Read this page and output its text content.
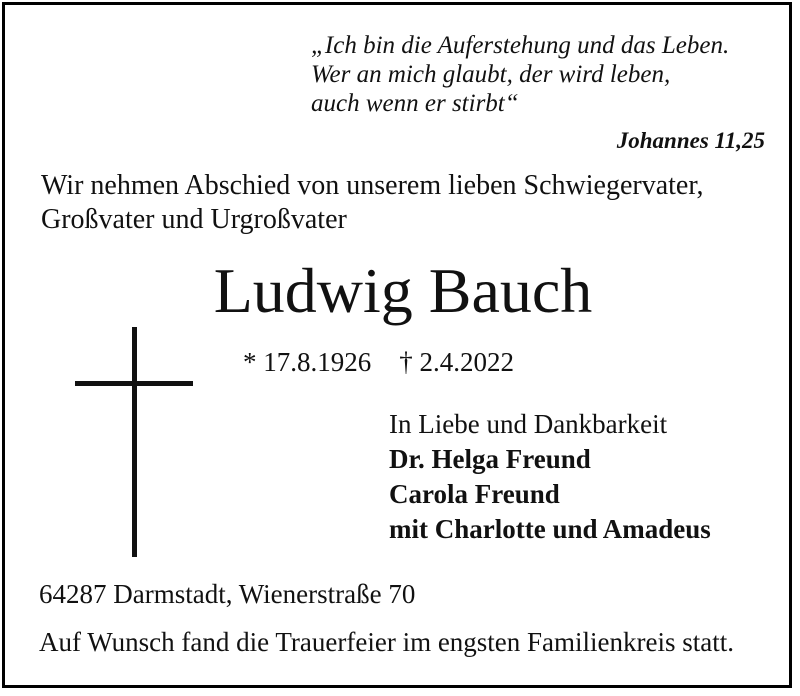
„Ich bin die Auferstehung und das Leben.
Wer an mich glaubt, der wird leben,
auch wenn er stirbt“
Johannes 11,25
Wir nehmen Abschied von unserem lieben Schwiegervater,
Großvater und Urgroßvater
Ludwig Bauch
* 17.8.1926 † 2.4.2022
In Liebe und Dankbarkeit
Dr. Helga Freund
Carola Freund
mit Charlotte und Amadeus
64287 Darmstadt, Wienerstraße 70
Auf Wunsch fand die Trauerfeier im engsten Familienkreis statt.
